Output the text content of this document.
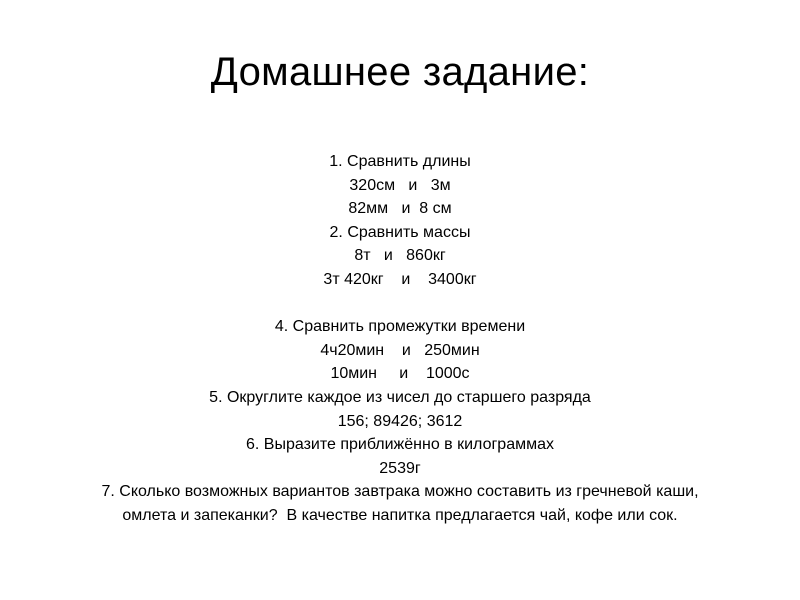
Домашнее задание:
1. Сравнить длины
320см   и   3м
82мм   и  8 см
2. Сравнить массы
8т   и   860кг
3т 420кг    и    3400кг
4. Сравнить промежутки времени
4ч20мин    и   250мин
10мин     и    1000с
5. Округлите каждое из чисел до старшего разряда
156; 89426; 3612
6. Выразите приближённо в килограммах
2539г
7. Сколько возможных вариантов завтрака можно составить из гречневой каши,
омлета и запеканки?  В качестве напитка предлагается чай, кофе или сок.
